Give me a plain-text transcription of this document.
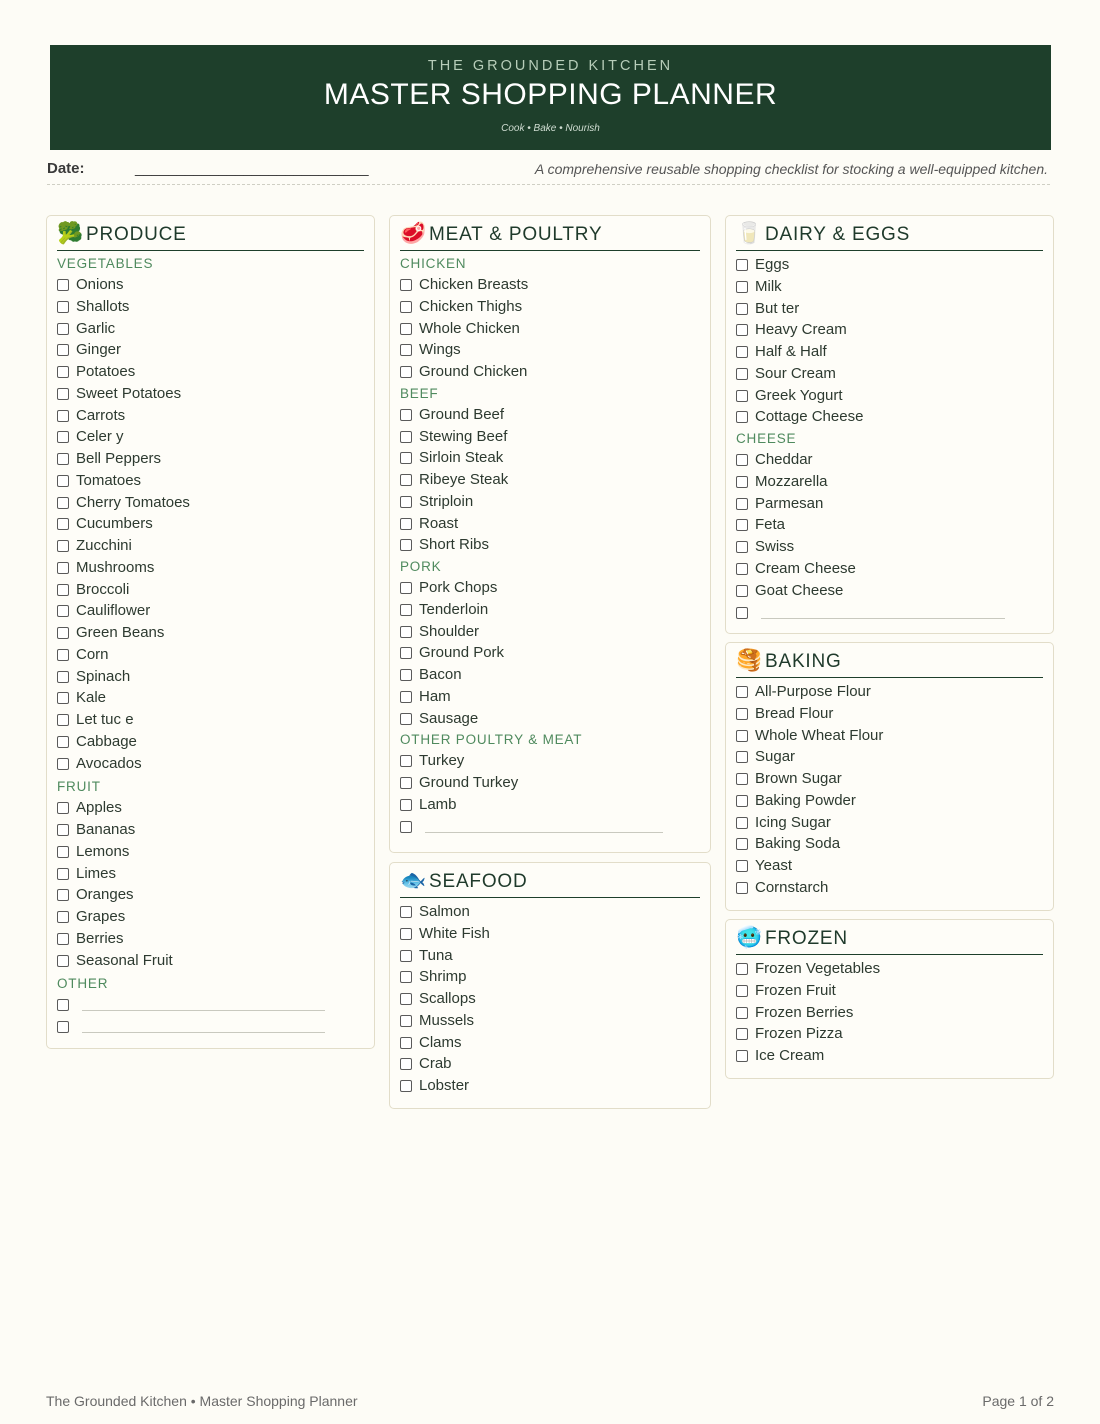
THE GROUNDED KITCHEN
MASTER SHOPPING PLANNER
Cook • Bake • Nourish
Date:	____________________________	A comprehensive reusable shopping checklist for stocking a well-equipped kitchen.
🥦 PRODUCE
VEGETABLES
Onions
Shallots
Garlic
Ginger
Potatoes
Sweet Potatoes
Carrots
Celer y
Bell Peppers
Tomatoes
Cherry Tomatoes
Cucumbers
Zucchini
Mushrooms
Broccoli
Cauliflower
Green Beans
Corn
Spinach
Kale
Let tuc e
Cabbage
Avocados
FRUIT
Apples
Bananas
Lemons
Limes
Oranges
Grapes
Berries
Seasonal Fruit
OTHER
🥩 MEAT & POULTRY
CHICKEN
Chicken Breasts
Chicken Thighs
Whole Chicken
Wings
Ground Chicken
BEEF
Ground Beef
Stewing Beef
Sirloin Steak
Ribeye Steak
Striploin
Roast
Short Ribs
PORK
Pork Chops
Tenderloin
Shoulder
Ground Pork
Bacon
Ham
Sausage
OTHER POULTRY & MEAT
Turkey
Ground Turkey
Lamb
🐟 SEAFOOD
Salmon
White Fish
Tuna
Shrimp
Scallops
Mussels
Clams
Crab
Lobster
🥛 DAIRY & EGGS
Eggs
Milk
But ter
Heavy Cream
Half & Half
Sour Cream
Greek Yogurt
Cottage Cheese
CHEESE
Cheddar
Mozzarella
Parmesan
Feta
Swiss
Cream Cheese
Goat Cheese
🥞 BAKING
All-Purpose Flour
Bread Flour
Whole Wheat Flour
Sugar
Brown Sugar
Baking Powder
Icing Sugar
Baking Soda
Yeast
Cornstarch
🥶 FROZEN
Frozen Vegetables
Frozen Fruit
Frozen Berries
Frozen Pizza
Ice Cream
The Grounded Kitchen • Master Shopping Planner	Page 1 of 2
